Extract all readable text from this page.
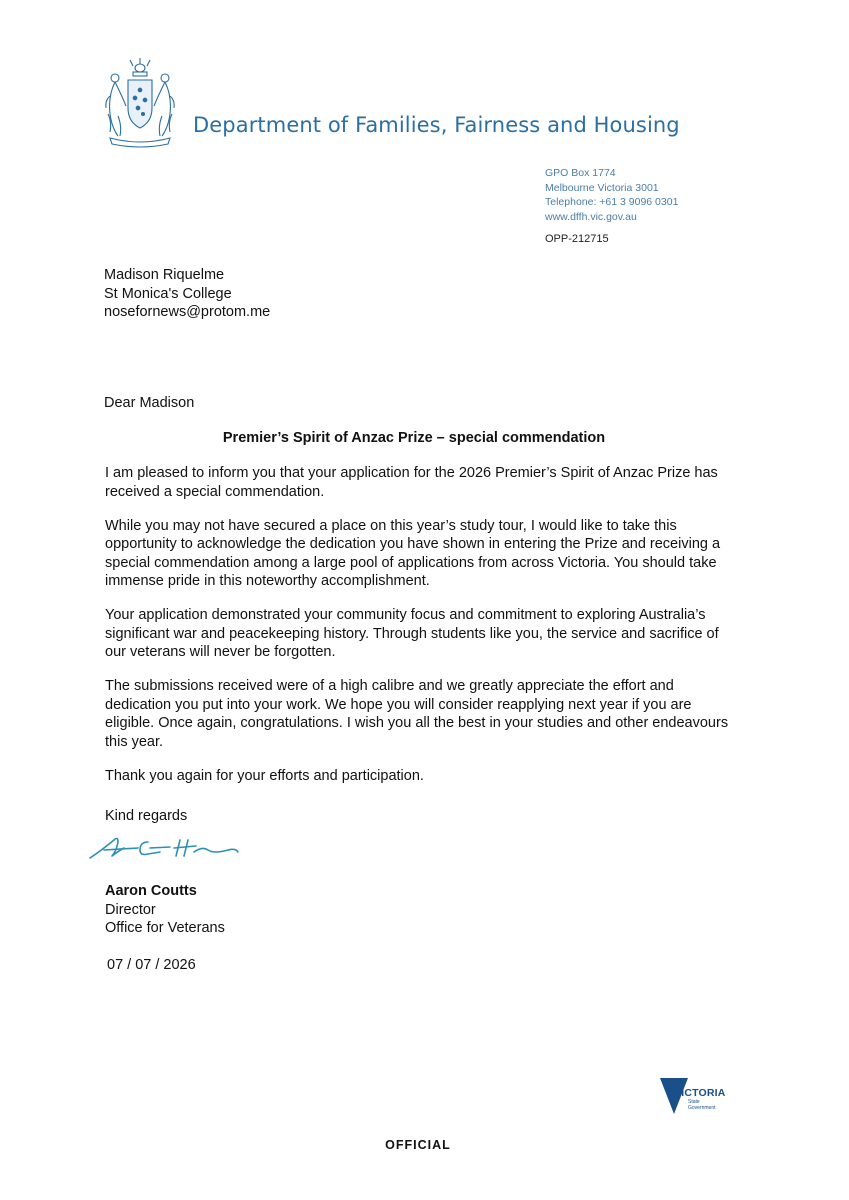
Department of Families, Fairness and Housing
GPO Box 1774
Melbourne Victoria 3001
Telephone: +61 3 9096 0301
www.dffh.vic.gov.au
OPP-212715
Madison Riquelme
St Monica's College
nosefornews@protom.me
Dear Madison
Premier’s Spirit of Anzac Prize – special commendation

I am pleased to inform you that your application for the 2026 Premier’s Spirit of Anzac Prize has received a special commendation.

While you may not have secured a place on this year’s study tour, I would like to take this opportunity to acknowledge the dedication you have shown in entering the Prize and receiving a special commendation among a large pool of applications from across Victoria. You should take immense pride in this noteworthy accomplishment.

Your application demonstrated your community focus and commitment to exploring Australia’s significant war and peacekeeping history. Through students like you, the service and sacrifice of our veterans will never be forgotten.

The submissions received were of a high calibre and we greatly appreciate the effort and dedication you put into your work. We hope you will consider reapplying next year if you are eligible. Once again, congratulations. I wish you all the best in your studies and other endeavours this year.

Thank you again for your efforts and participation.

Kind regards
Aaron Coutts
Director
Office for Veterans
07 / 07 / 2026
VICTORIA
State
Government
OFFICIAL
